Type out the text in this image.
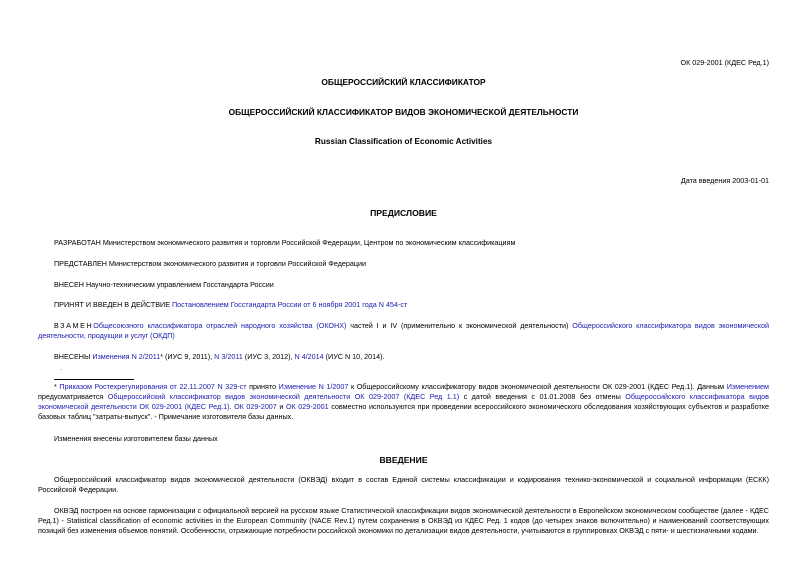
ОК 029-2001 (КДЕС Ред.1)
ОБЩЕРОССИЙСКИЙ КЛАССИФИКАТОР
ОБЩЕРОССИЙСКИЙ КЛАССИФИКАТОР ВИДОВ ЭКОНОМИЧЕСКОЙ ДЕЯТЕЛЬНОСТИ
Russian Classification of Economic Activities
Дата введения 2003-01-01
ПРЕДИСЛОВИЕ
РАЗРАБОТАН Министерством экономического развития и торговли Российской Федерации, Центром по экономическим классификациям
ПРЕДСТАВЛЕН Министерством экономического развития и торговли Российской Федерации
ВНЕСЕН Научно-техническим управлением Госстандарта России
ПРИНЯТ И ВВЕДЕН В ДЕЙСТВИЕ Постановлением Госстандарта России от 6 ноября 2001 года N 454-ст
ВЗАМЕНОбщесоюзного классификатора отраслей народного хозяйства (ОКОНХ) частей I и IV (применительно к экономической деятельности) Общероссийского классификатора видов экономической деятельности, продукции и услуг (ОКДП)
ВНЕСЕНЫ Изменения N 2/2011* (ИУС 9, 2011), N 3/2011 (ИУС 3, 2012), N 4/2014 (ИУС N 10, 2014).
.
* Приказом Ростехрегулирования от 22.11.2007 N 329-ст принято Изменение N 1/2007 к Общероссийскому классификатору видов экономической деятельности ОК 029-2001 (КДЕС Ред.1). Данным Изменением предусматривается Общероссийский классификатор видов экономической деятельности ОК 029-2007 (КДЕС Ред 1.1) с датой введения с 01.01.2008 без отмены Общероссийского классификатора видов экономической деятельности ОК 029-2001 (КДЕС Ред.1). ОК 029-2007 и ОК 029-2001 совместно используются при проведении всероссийского экономического обследования хозяйствующих субъектов и разработке базовых таблиц "затраты-выпуск". - Примечание изготовителя базы данных.
Изменения внесены изготовителем базы данных
ВВЕДЕНИЕ
Общероссийский классификатор видов экономической деятельности (ОКВЭД) входит в состав Единой системы классификации и кодирования технико-экономической и социальной информации (ЕСКК) Российской Федерации.
ОКВЭД построен на основе гармонизации с официальной версией на русском языке Статистической классификации видов экономической деятельности в Европейском экономическом сообществе (далее - КДЕС Ред.1) - Statistical classification of economic activities in the European Community (NACE Rev.1) путем сохранения в ОКВЭД из КДЕС Ред. 1 кодов (до четырех знаков включительно) и наименований соответствующих позиций без изменения объемов понятий. Особенности, отражающие потребности российской экономики по детализации видов деятельности, учитываются в группировках ОКВЭД с пяти- и шестизначными кодами.
